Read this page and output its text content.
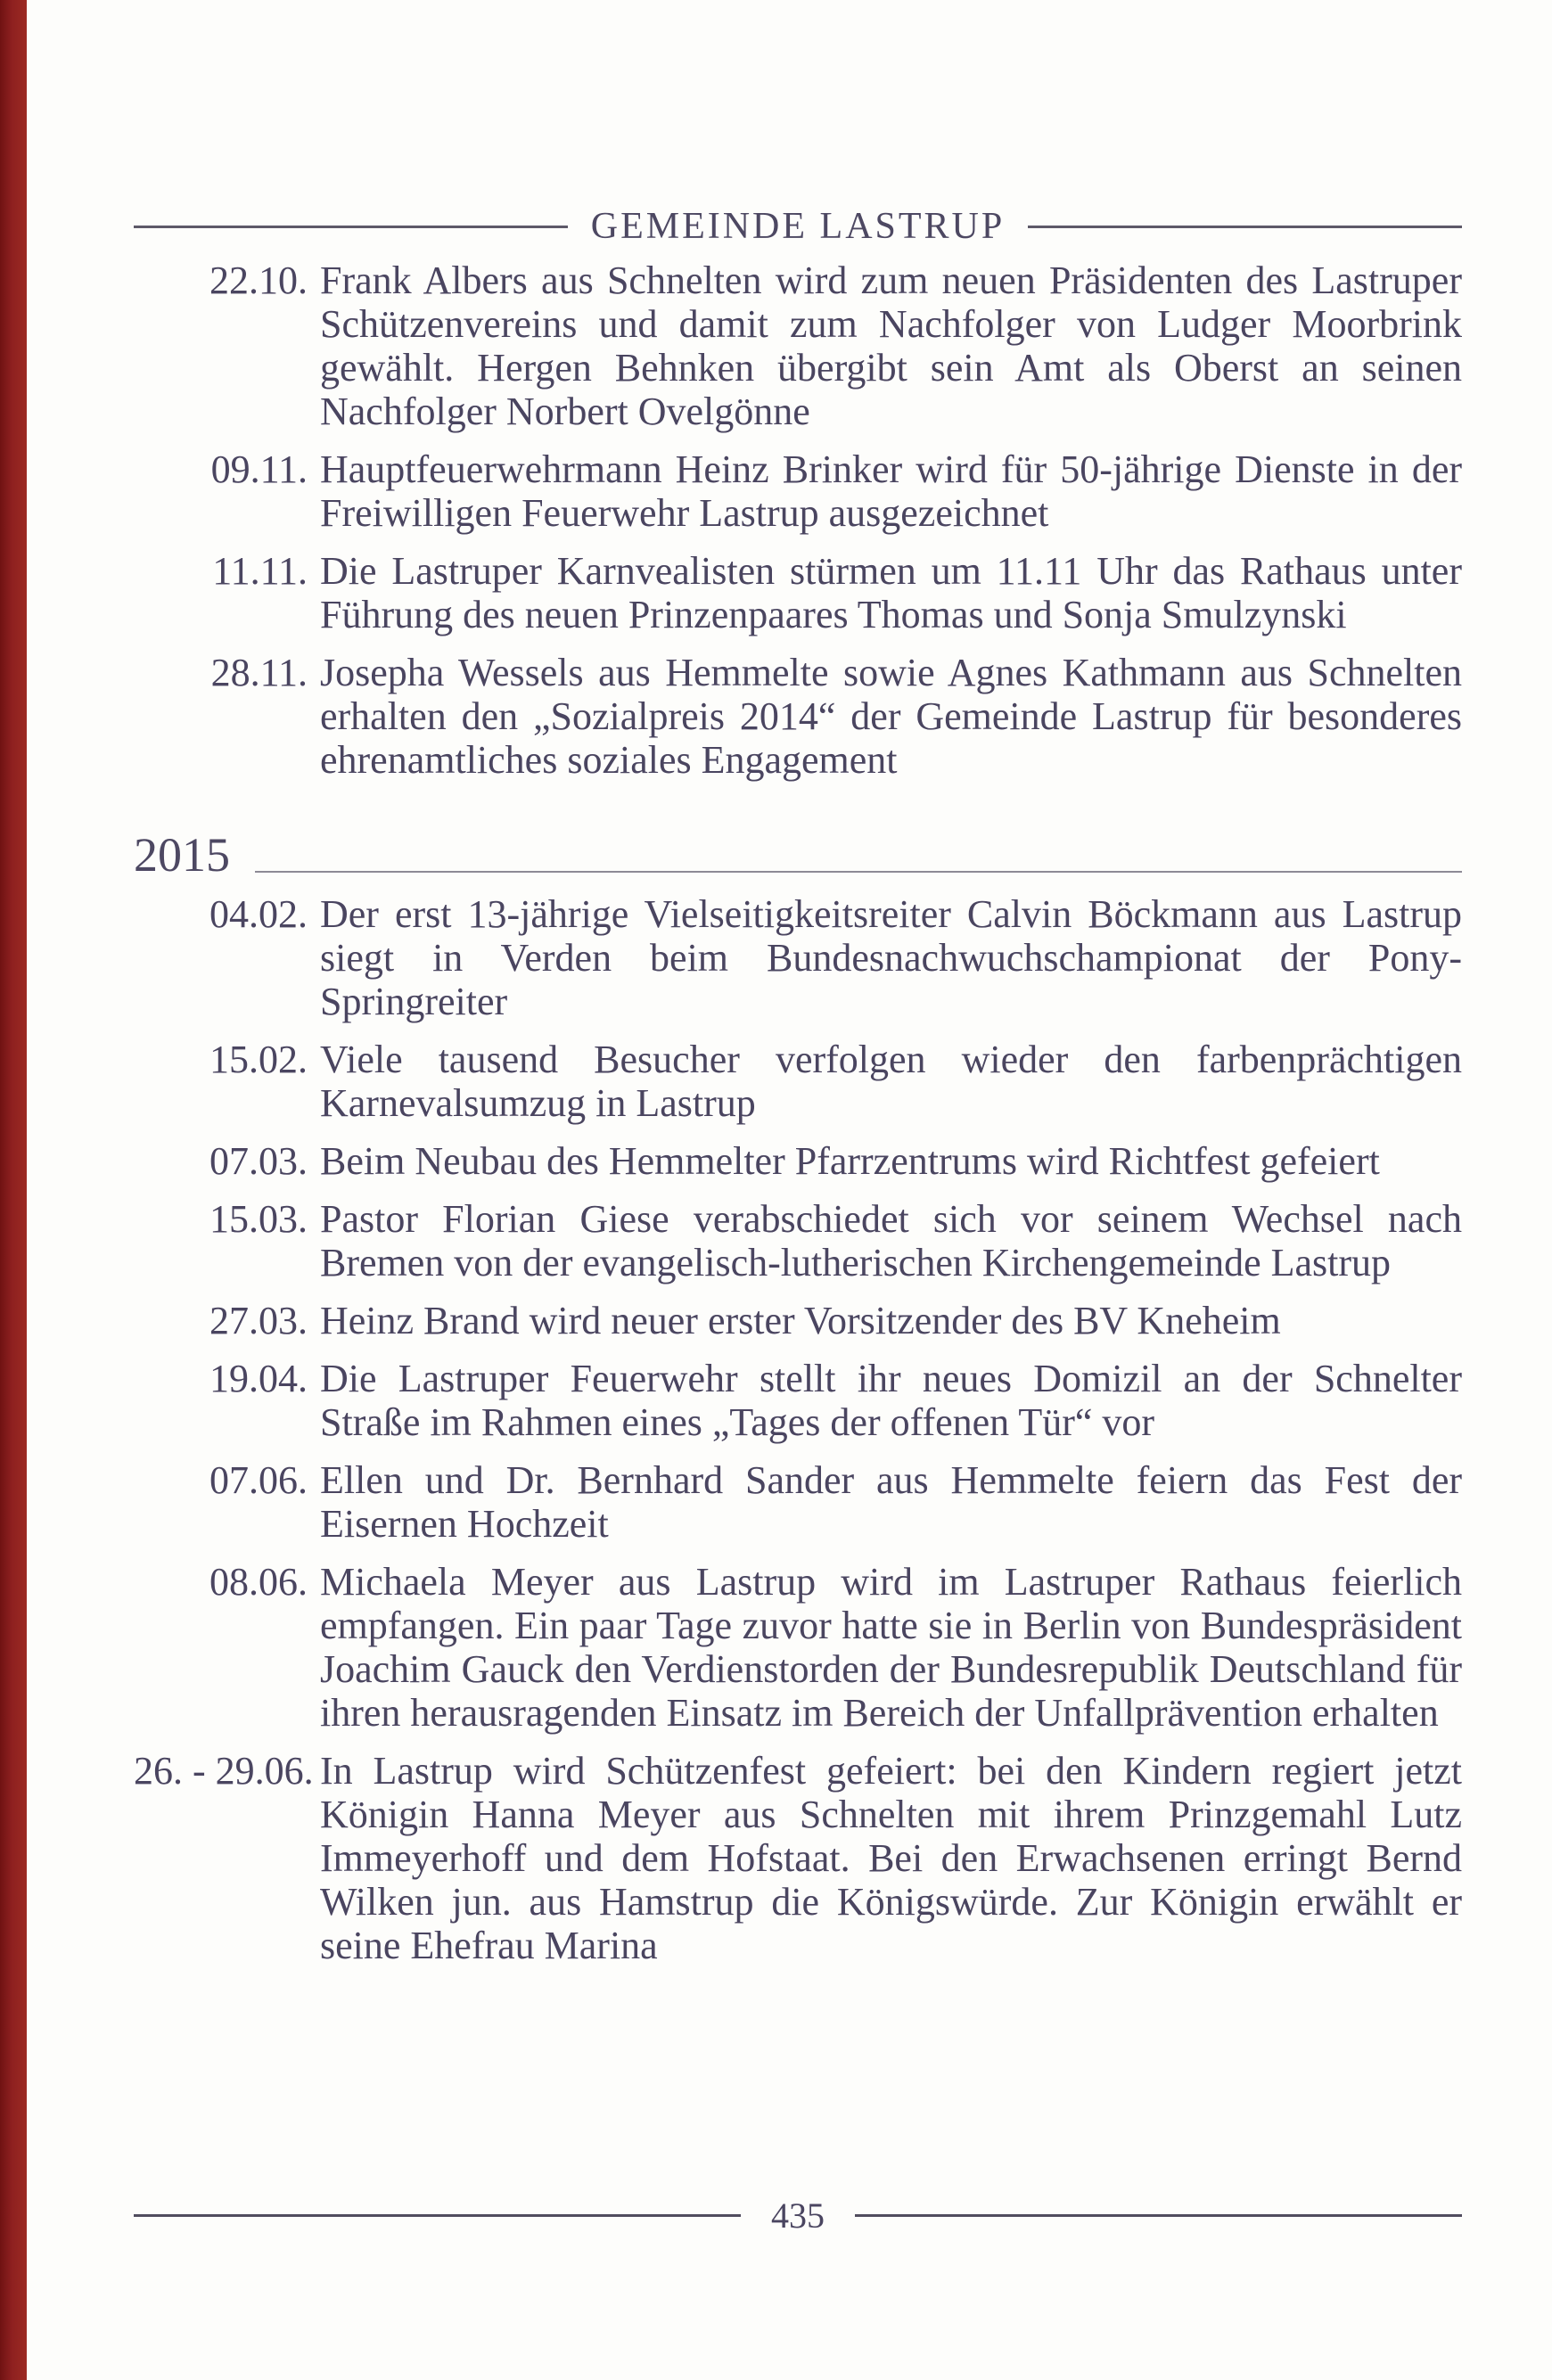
GEMEINDE LASTRUP
22.10. Frank Albers aus Schnelten wird zum neuen Präsidenten des Lastruper Schützenvereins und damit zum Nachfolger von Ludger Moorbrink gewählt. Hergen Behnken übergibt sein Amt als Oberst an seinen Nachfolger Norbert Ovelgönne
09.11. Hauptfeuerwehrmann Heinz Brinker wird für 50-jährige Dienste in der Freiwilligen Feuerwehr Lastrup ausgezeichnet
11.11. Die Lastruper Karnvealisten stürmen um 11.11 Uhr das Rathaus unter Führung des neuen Prinzenpaares Thomas und Sonja Smulzynski
28.11. Josepha Wessels aus Hemmelte sowie Agnes Kathmann aus Schnelten erhalten den „Sozialpreis 2014“ der Gemeinde Lastrup für besonderes ehrenamtliches soziales Engagement
2015
04.02. Der erst 13-jährige Vielseitigkeitsreiter Calvin Böckmann aus Lastrup siegt in Verden beim Bundesnachwuchschampionat der Pony-Springreiter
15.02. Viele tausend Besucher verfolgen wieder den farbenprächtigen Karnevalsumzug in Lastrup
07.03. Beim Neubau des Hemmelter Pfarrzentrums wird Richtfest gefeiert
15.03. Pastor Florian Giese verabschiedet sich vor seinem Wechsel nach Bremen von der evangelisch-lutherischen Kirchengemeinde Lastrup
27.03. Heinz Brand wird neuer erster Vorsitzender des BV Kneheim
19.04. Die Lastruper Feuerwehr stellt ihr neues Domizil an der Schnelter Straße im Rahmen eines „Tages der offenen Tür“ vor
07.06. Ellen und Dr. Bernhard Sander aus Hemmelte feiern das Fest der Eisernen Hochzeit
08.06. Michaela Meyer aus Lastrup wird im Lastruper Rathaus feierlich empfangen. Ein paar Tage zuvor hatte sie in Berlin von Bundespräsident Joachim Gauck den Verdienstorden der Bundesrepublik Deutschland für ihren herausragenden Einsatz im Bereich der Unfallprävention erhalten
26. - 29.06. In Lastrup wird Schützenfest gefeiert: bei den Kindern regiert jetzt Königin Hanna Meyer aus Schnelten mit ihrem Prinzgemahl Lutz Immeyerhoff und dem Hofstaat. Bei den Erwachsenen erringt Bernd Wilken jun. aus Hamstrup die Königswürde. Zur Königin erwählt er seine Ehefrau Marina
435
